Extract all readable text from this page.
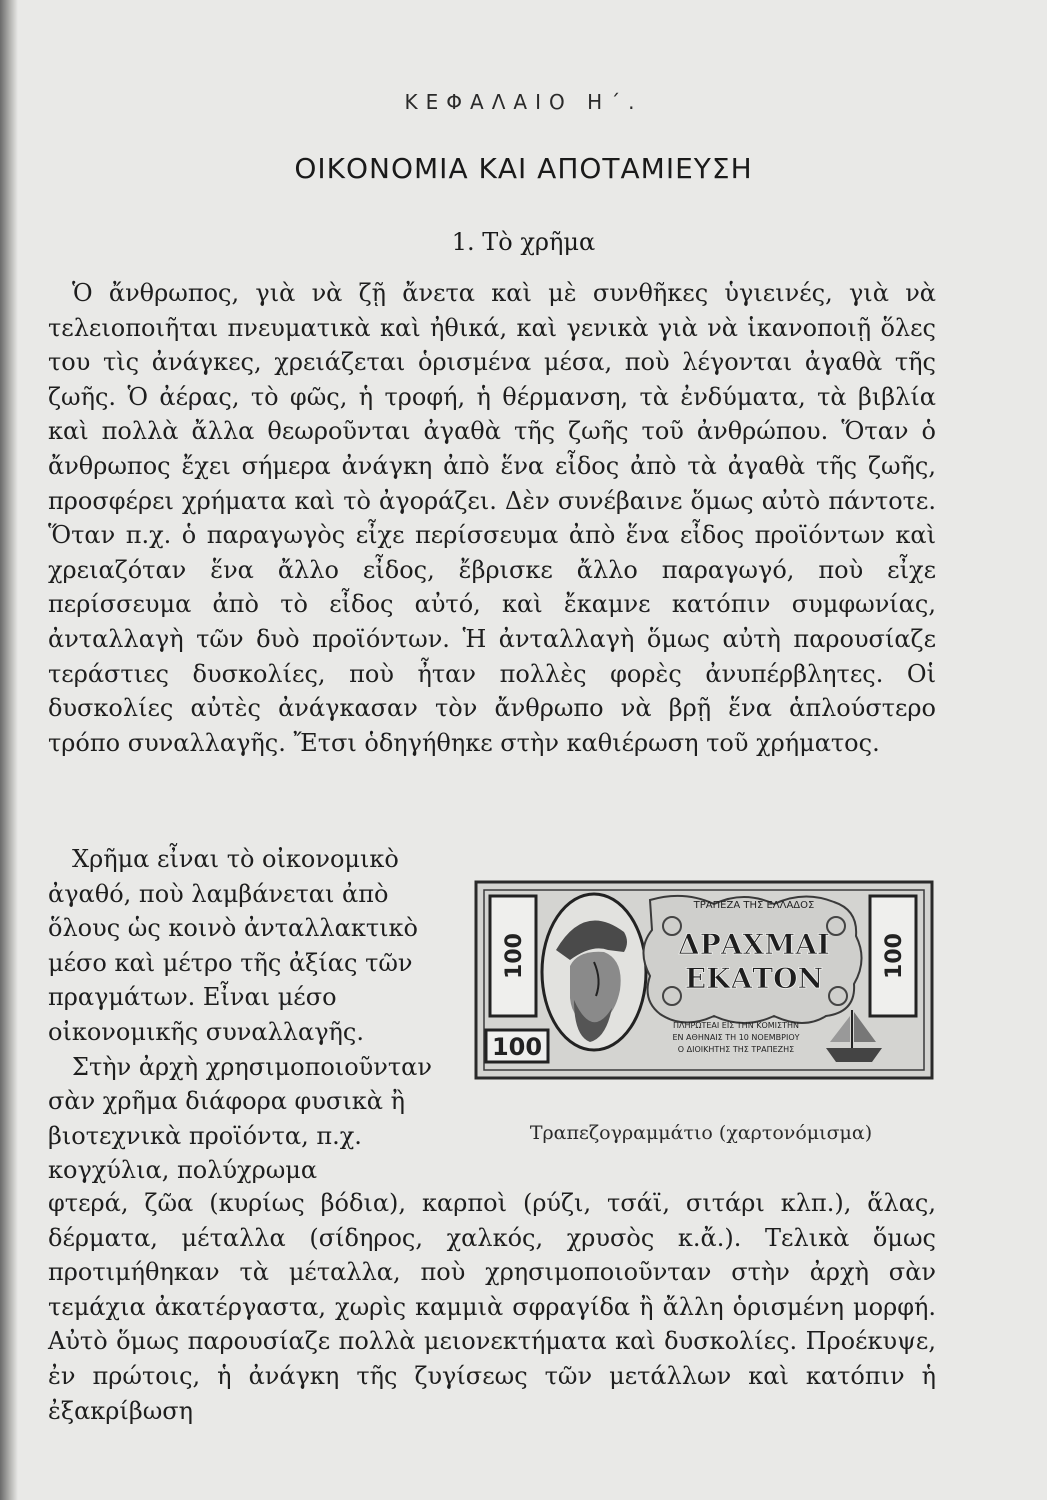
ΚΕΦΑΛΑΙΟ Η΄.
ΟΙΚΟΝΟΜΙΑ ΚΑΙ ΑΠΟΤΑΜΙΕΥΣΗ
1. Τὸ χρῆμα

Ὁ ἄνθρωπος, γιὰ νὰ ζῇ ἄνετα καὶ μὲ συνθῆκες ὑγιεινές, γιὰ νὰ τελειοποιῆται πνευματικὰ καὶ ἠθικά, καὶ γενικὰ γιὰ νὰ ἱκανοποιῇ ὅλες του τὶς ἀνάγκες, χρειάζεται ὁρισμένα μέσα, ποὺ λέγονται ἀγαθὰ τῆς ζωῆς. Ὁ ἀέρας, τὸ φῶς, ἡ τροφή, ἡ θέρμανση, τὰ ἐνδύματα, τὰ βιβλία καὶ πολλὰ ἄλλα θεωροῦνται ἀγαθὰ τῆς ζωῆς τοῦ ἀνθρώπου. Ὅταν ὁ ἄνθρωπος ἔχει σήμερα ἀνάγκη ἀπὸ ἕνα εἶδος ἀπὸ τὰ ἀγαθὰ τῆς ζωῆς, προσφέρει χρήματα καὶ τὸ ἀγοράζει. Δὲν συνέβαινε ὅμως αὐτὸ πάντοτε. Ὅταν π.χ. ὁ παραγωγὸς εἶχε περίσσευμα ἀπὸ ἕνα εἶδος προϊόντων καὶ χρειαζόταν ἕνα ἄλλο εἶδος, ἔβρισκε ἄλλο παραγωγό, ποὺ εἶχε περίσσευμα ἀπὸ τὸ εἶδος αὐτό, καὶ ἔκαμνε κατόπιν συμφωνίας, ἀνταλλαγὴ τῶν δυὸ προϊόντων. Ἡ ἀνταλλαγὴ ὅμως αὐτὴ παρουσίαζε τεράστιες δυσκολίες, ποὺ ἦταν πολλὲς φορὲς ἀνυπέρβλητες. Οἱ δυσκολίες αὐτὲς ἀνάγκασαν τὸν ἄνθρωπο νὰ βρῇ ἕνα ἁπλούστερο τρόπο συναλλαγῆς. Ἔτσι ὁδηγήθηκε στὴν καθιέρωση τοῦ χρήματος.

Χρῆμα εἶναι τὸ οἰκονομικὸ ἀγαθό, ποὺ λαμβάνεται ἀπὸ ὅλους ὡς κοινὸ ἀνταλλακτικὸ μέσο καὶ μέτρο τῆς ἀξίας τῶν πραγμάτων. Εἶναι μέσο οἰκονομικῆς συναλλαγῆς.

Στὴν ἀρχὴ χρησιμοποιοῦνταν σὰν χρῆμα διάφορα φυσικὰ ἢ βιοτεχνικὰ προϊόντα, π.χ. κογχύλια, πολύχρωμα

φτερά, ζῶα (κυρίως βόδια), καρποὶ (ρύζι, τσάϊ, σιτάρι κλπ.), ἅλας, δέρματα, μέταλλα (σίδηρος, χαλκός, χρυσὸς κ.ἄ.). Τελικὰ ὅμως προτιμήθηκαν τὰ μέταλλα, ποὺ χρησιμοποιοῦνταν στὴν ἀρχὴ σὰν τεμάχια ἀκατέργαστα, χωρὶς καμμιὰ σφραγίδα ἢ ἄλλη ὁρισμένη μορφή. Αὐτὸ ὅμως παρουσίαζε πολλὰ μειονεκτήματα καὶ δυσκολίες. Προέκυψε, ἐν πρώτοις, ἡ ἀνάγκη τῆς ζυγίσεως τῶν μετάλλων καὶ κατόπιν ἡ ἐξακρίβωση

100	100
100
ΤΡΑΠΕΖΑ ΤΗΣ ΕΛΛΑΔΟΣ
ΔΡΑΧΜΑΙ
ΕΚΑΤΟΝ
ΠΛΗΡΩΤΕΑΙ ΕΙΣ ΤΗΝ ΚΟΜΙΣΤΗΝ
ΕΝ ΑΘΗΝΑΙΣ ΤΗ 10 ΝΟΕΜΒΡΙΟΥ
Ο ΔΙΟΙΚΗΤΗΣ ΤΗΣ ΤΡΑΠΕΖΗΣ
Τραπεζογραμμάτιο (χαρτονόμισμα)
